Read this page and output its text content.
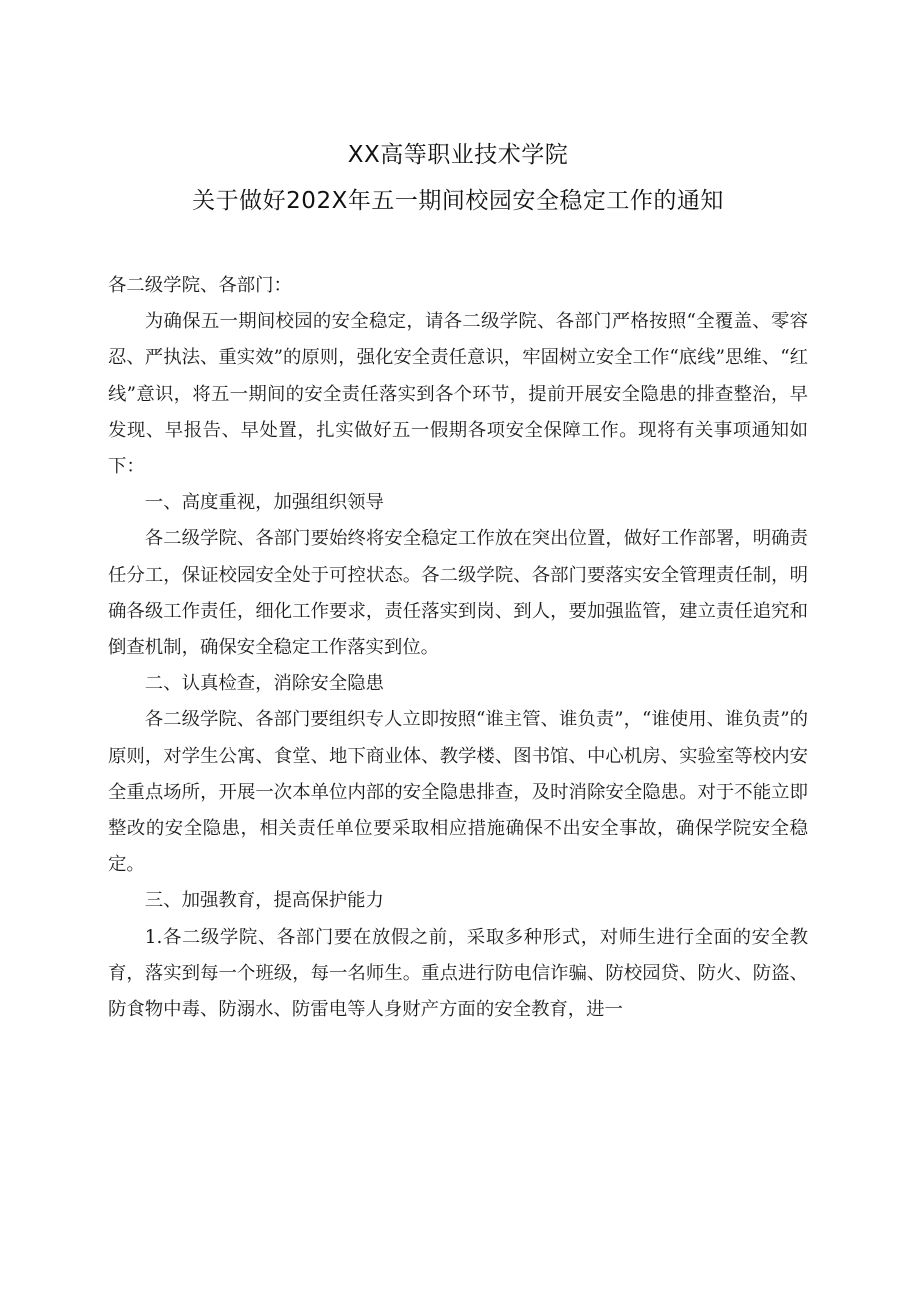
XX高等职业技术学院
关于做好202X年五一期间校园安全稳定工作的通知

各二级学院、各部门：

为确保五一期间校园的安全稳定，请各二级学院、各部门严格按照“全覆盖、零容忍、严执法、重实效”的原则，强化安全责任意识，牢固树立安全工作“底线”思维、“红线”意识，将五一期间的安全责任落实到各个环节，提前开展安全隐患的排查整治，早发现、早报告、早处置，扎实做好五一假期各项安全保障工作。现将有关事项通知如下：

一、高度重视，加强组织领导

各二级学院、各部门要始终将安全稳定工作放在突出位置，做好工作部署，明确责任分工，保证校园安全处于可控状态。各二级学院、各部门要落实安全管理责任制，明确各级工作责任，细化工作要求，责任落实到岗、到人，要加强监管，建立责任追究和倒查机制，确保安全稳定工作落实到位。

二、认真检查，消除安全隐患

各二级学院、各部门要组织专人立即按照“谁主管、谁负责”，“谁使用、谁负责”的原则，对学生公寓、食堂、地下商业体、教学楼、图书馆、中心机房、实验室等校内安全重点场所，开展一次本单位内部的安全隐患排查，及时消除安全隐患。对于不能立即整改的安全隐患，相关责任单位要采取相应措施确保不出安全事故，确保学院安全稳定。

三、加强教育，提高保护能力

1.各二级学院、各部门要在放假之前，采取多种形式，对师生进行全面的安全教育，落实到每一个班级，每一名师生。重点进行防电信诈骗、防校园贷、防火、防盗、防食物中毒、防溺水、防雷电等人身财产方面的安全教育，进一
